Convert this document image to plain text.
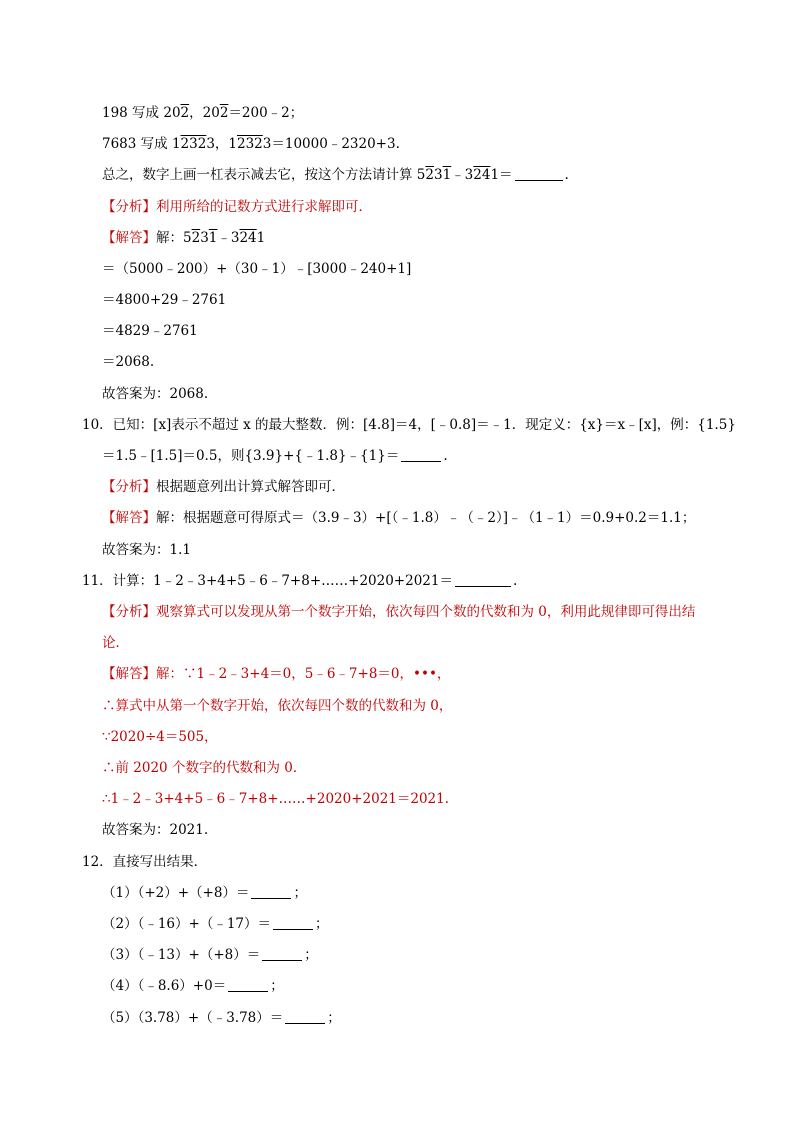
198 写成 202，202＝200﹣2；
7683 写成 12323，12323＝10000﹣2320+3.
总之，数字上画一杠表示减去它，按这个方法请计算 5231﹣3241＝	.
【分析】利用所给的记数方式进行求解即可．
【解答】解：5231﹣3241
＝（5000﹣200）+（30﹣1）﹣[3000﹣240+1]
＝4800+29﹣2761
＝4829﹣2761
＝2068.
故答案为：2068.
10．已知：[x]表示不超过 x 的最大整数．例：[4.8]＝4，[﹣0.8]＝﹣1．现定义：{x}＝x﹣[x]，例：{1.5}
＝1.5﹣[1.5]＝0.5，则{3.9}+{﹣1.8}﹣{1}＝	.
【分析】根据题意列出计算式解答即可．
【解答】解：根据题意可得原式＝（3.9﹣3）+[（﹣1.8）﹣（﹣2）]﹣（1﹣1）＝0.9+0.2＝1.1；
故答案为：1.1
11．计算：1﹣2﹣3+4+5﹣6﹣7+8+……+2020+2021＝	.
【分析】观察算式可以发现从第一个数字开始，依次每四个数的代数和为 0，利用此规律即可得出结
论．
【解答】解：∵1﹣2﹣3+4＝0，5﹣6﹣7+8＝0，•••，
∴算式中从第一个数字开始，依次每四个数的代数和为 0，
∵2020÷4＝505，
∴前 2020 个数字的代数和为 0．
∴1﹣2﹣3+4+5﹣6﹣7+8+……+2020+2021＝2021.
故答案为：2021.
12．直接写出结果．
（1）（+2）+（+8）＝	；
（2）（﹣16）+（﹣17）＝	；
（3）（﹣13）+（+8）＝	；
（4）（﹣8.6）+0＝	；
（5）（3.78）+（﹣3.78）＝	；
